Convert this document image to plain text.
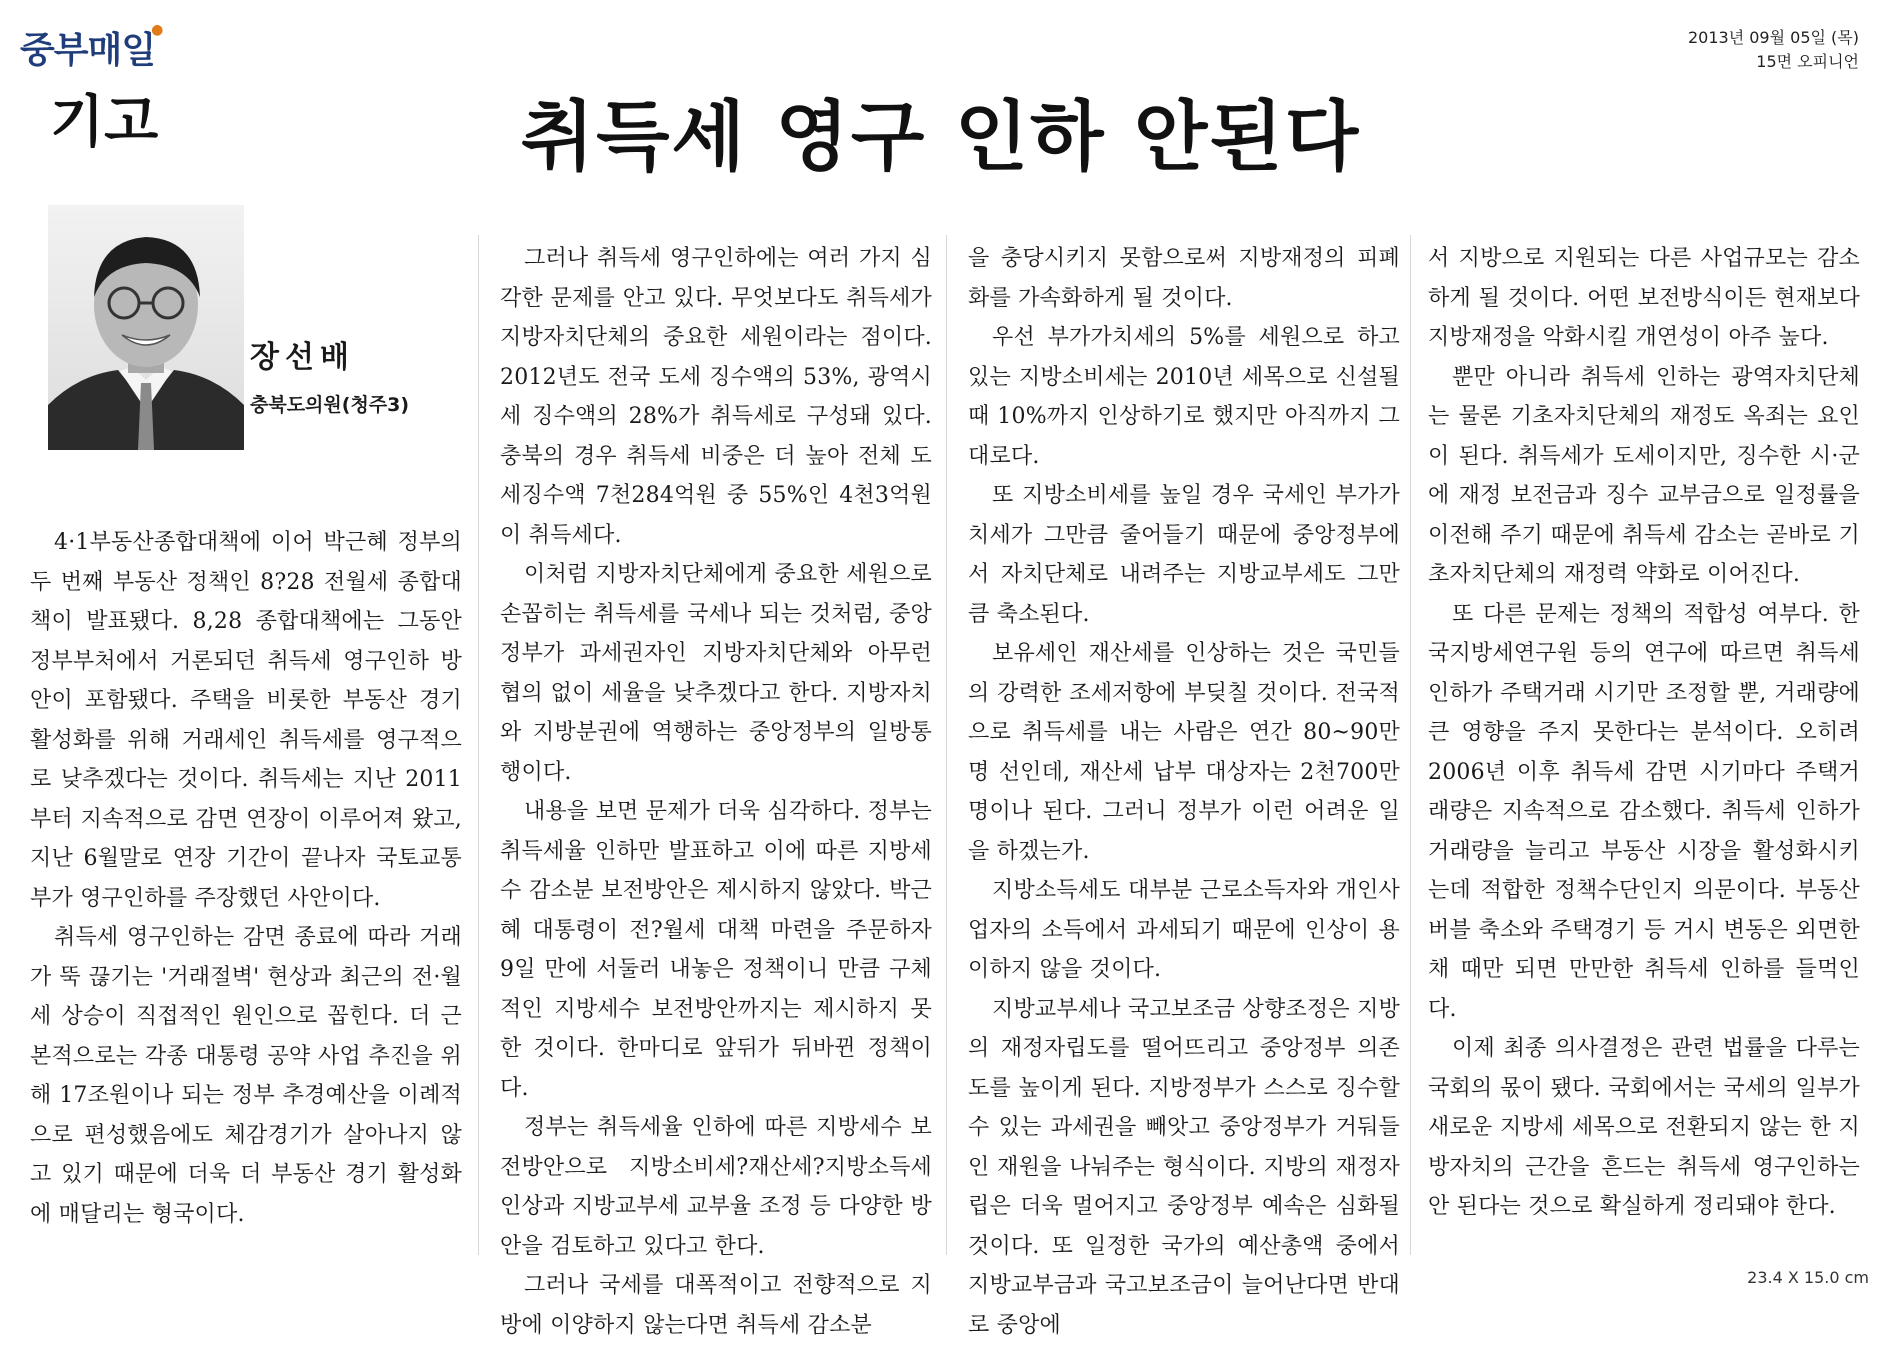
중부매일●
기고
2013년 09월 05일 (목)
15면 오피니언
취득세 영구 인하 안된다
장선배
충북도의원(청주3)

4·1부동산종합대책에 이어 박근혜 정부의 두 번째 부동산 정책인 8?28 전월세 종합대책이 발표됐다. 8,28 종합대책에는 그동안 정부부처에서 거론되던 취득세 영구인하 방안이 포함됐다. 주택을 비롯한 부동산 경기 활성화를 위해 거래세인 취득세를 영구적으로 낮추겠다는 것이다. 취득세는 지난 2011부터 지속적으로 감면 연장이 이루어져 왔고, 지난 6월말로 연장 기간이 끝나자 국토교통부가 영구인하를 주장했던 사안이다.

취득세 영구인하는 감면 종료에 따라 거래가 뚝 끊기는 '거래절벽' 현상과 최근의 전·월세 상승이 직접적인 원인으로 꼽힌다. 더 근본적으로는 각종 대통령 공약 사업 추진을 위해 17조원이나 되는 정부 추경예산을 이례적으로 편성했음에도 체감경기가 살아나지 않고 있기 때문에 더욱 더 부동산 경기 활성화에 매달리는 형국이다.

그러나 취득세 영구인하에는 여러 가지 심각한 문제를 안고 있다. 무엇보다도 취득세가 지방자치단체의 중요한 세원이라는 점이다. 2012년도 전국 도세 징수액의 53%, 광역시세 징수액의 28%가 취득세로 구성돼 있다. 충북의 경우 취득세 비중은 더 높아 전체 도세징수액 7천284억원 중 55%인 4천3억원이 취득세다.

이처럼 지방자치단체에게 중요한 세원으로 손꼽히는 취득세를 국세나 되는 것처럼, 중앙정부가 과세권자인 지방자치단체와 아무런 협의 없이 세율을 낮추겠다고 한다. 지방자치와 지방분권에 역행하는 중앙정부의 일방통행이다.

내용을 보면 문제가 더욱 심각하다. 정부는 취득세율 인하만 발표하고 이에 따른 지방세수 감소분 보전방안은 제시하지 않았다. 박근혜 대통령이 전?월세 대책 마련을 주문하자 9일 만에 서둘러 내놓은 정책이니 만큼 구체적인 지방세수 보전방안까지는 제시하지 못한 것이다. 한마디로 앞뒤가 뒤바뀐 정책이다.

정부는 취득세율 인하에 따른 지방세수 보전방안으로 지방소비세?재산세?지방소득세 인상과 지방교부세 교부율 조정 등 다양한 방안을 검토하고 있다고 한다.

그러나 국세를 대폭적이고 전향적으로 지방에 이양하지 않는다면 취득세 감소분

을 충당시키지 못함으로써 지방재정의 피폐화를 가속화하게 될 것이다.

우선 부가가치세의 5%를 세원으로 하고 있는 지방소비세는 2010년 세목으로 신설될 때 10%까지 인상하기로 했지만 아직까지 그대로다.

또 지방소비세를 높일 경우 국세인 부가가치세가 그만큼 줄어들기 때문에 중앙정부에서 자치단체로 내려주는 지방교부세도 그만큼 축소된다.

보유세인 재산세를 인상하는 것은 국민들의 강력한 조세저항에 부딪칠 것이다. 전국적으로 취득세를 내는 사람은 연간 80~90만 명 선인데, 재산세 납부 대상자는 2천700만 명이나 된다. 그러니 정부가 이런 어려운 일을 하겠는가.

지방소득세도 대부분 근로소득자와 개인사업자의 소득에서 과세되기 때문에 인상이 용이하지 않을 것이다.

지방교부세나 국고보조금 상향조정은 지방의 재정자립도를 떨어뜨리고 중앙정부 의존도를 높이게 된다. 지방정부가 스스로 징수할 수 있는 과세권을 빼앗고 중앙정부가 거둬들인 재원을 나눠주는 형식이다. 지방의 재정자립은 더욱 멀어지고 중앙정부 예속은 심화될 것이다. 또 일정한 국가의 예산총액 중에서 지방교부금과 국고보조금이 늘어난다면 반대로 중앙에

서 지방으로 지원되는 다른 사업규모는 감소하게 될 것이다. 어떤 보전방식이든 현재보다 지방재정을 악화시킬 개연성이 아주 높다.

뿐만 아니라 취득세 인하는 광역자치단체는 물론 기초자치단체의 재정도 옥죄는 요인이 된다. 취득세가 도세이지만, 징수한 시·군에 재정 보전금과 징수 교부금으로 일정률을 이전해 주기 때문에 취득세 감소는 곧바로 기초자치단체의 재정력 약화로 이어진다.

또 다른 문제는 정책의 적합성 여부다. 한국지방세연구원 등의 연구에 따르면 취득세 인하가 주택거래 시기만 조정할 뿐, 거래량에 큰 영향을 주지 못한다는 분석이다. 오히려 2006년 이후 취득세 감면 시기마다 주택거래량은 지속적으로 감소했다. 취득세 인하가 거래량을 늘리고 부동산 시장을 활성화시키는데 적합한 정책수단인지 의문이다. 부동산 버블 축소와 주택경기 등 거시 변동은 외면한 채 때만 되면 만만한 취득세 인하를 들먹인다.

이제 최종 의사결정은 관련 법률을 다루는 국회의 몫이 됐다. 국회에서는 국세의 일부가 새로운 지방세 세목으로 전환되지 않는 한 지방자치의 근간을 흔드는 취득세 영구인하는 안 된다는 것으로 확실하게 정리돼야 한다.

23.4 X 15.0 cm
